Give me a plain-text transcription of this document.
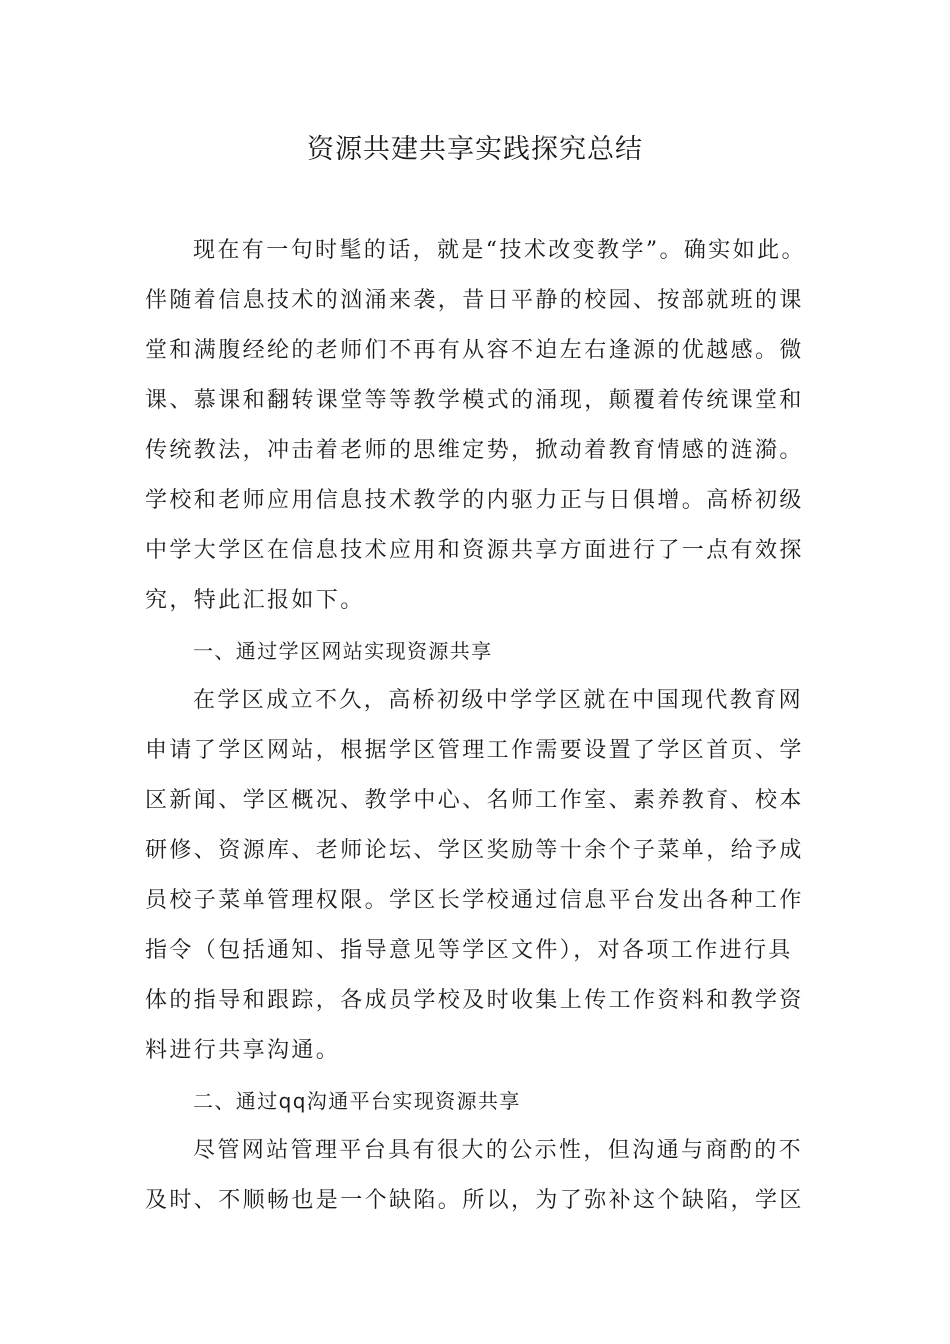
资源共建共享实践探究总结
现在有一句时髦的话，就是“技术改变教学”。确实如此。
伴随着信息技术的汹涌来袭，昔日平静的校园、按部就班的课
堂和满腹经纶的老师们不再有从容不迫左右逢源的优越感。微
课、慕课和翻转课堂等等教学模式的涌现，颠覆着传统课堂和
传统教法，冲击着老师的思维定势，掀动着教育情感的涟漪。
学校和老师应用信息技术教学的内驱力正与日俱增。高桥初级
中学大学区在信息技术应用和资源共享方面进行了一点有效探
究，特此汇报如下。
一、通过学区网站实现资源共享
在学区成立不久，高桥初级中学学区就在中国现代教育网
申请了学区网站，根据学区管理工作需要设置了学区首页、学
区新闻、学区概况、教学中心、名师工作室、素养教育、校本
研修、资源库、老师论坛、学区奖励等十余个子菜单，给予成
员校子菜单管理权限。学区长学校通过信息平台发出各种工作
指令（包括通知、指导意见等学区文件），对各项工作进行具
体的指导和跟踪，各成员学校及时收集上传工作资料和教学资
料进行共享沟通。
二、通过qq沟通平台实现资源共享
尽管网站管理平台具有很大的公示性，但沟通与商酌的不
及时、不顺畅也是一个缺陷。所以，为了弥补这个缺陷，学区
